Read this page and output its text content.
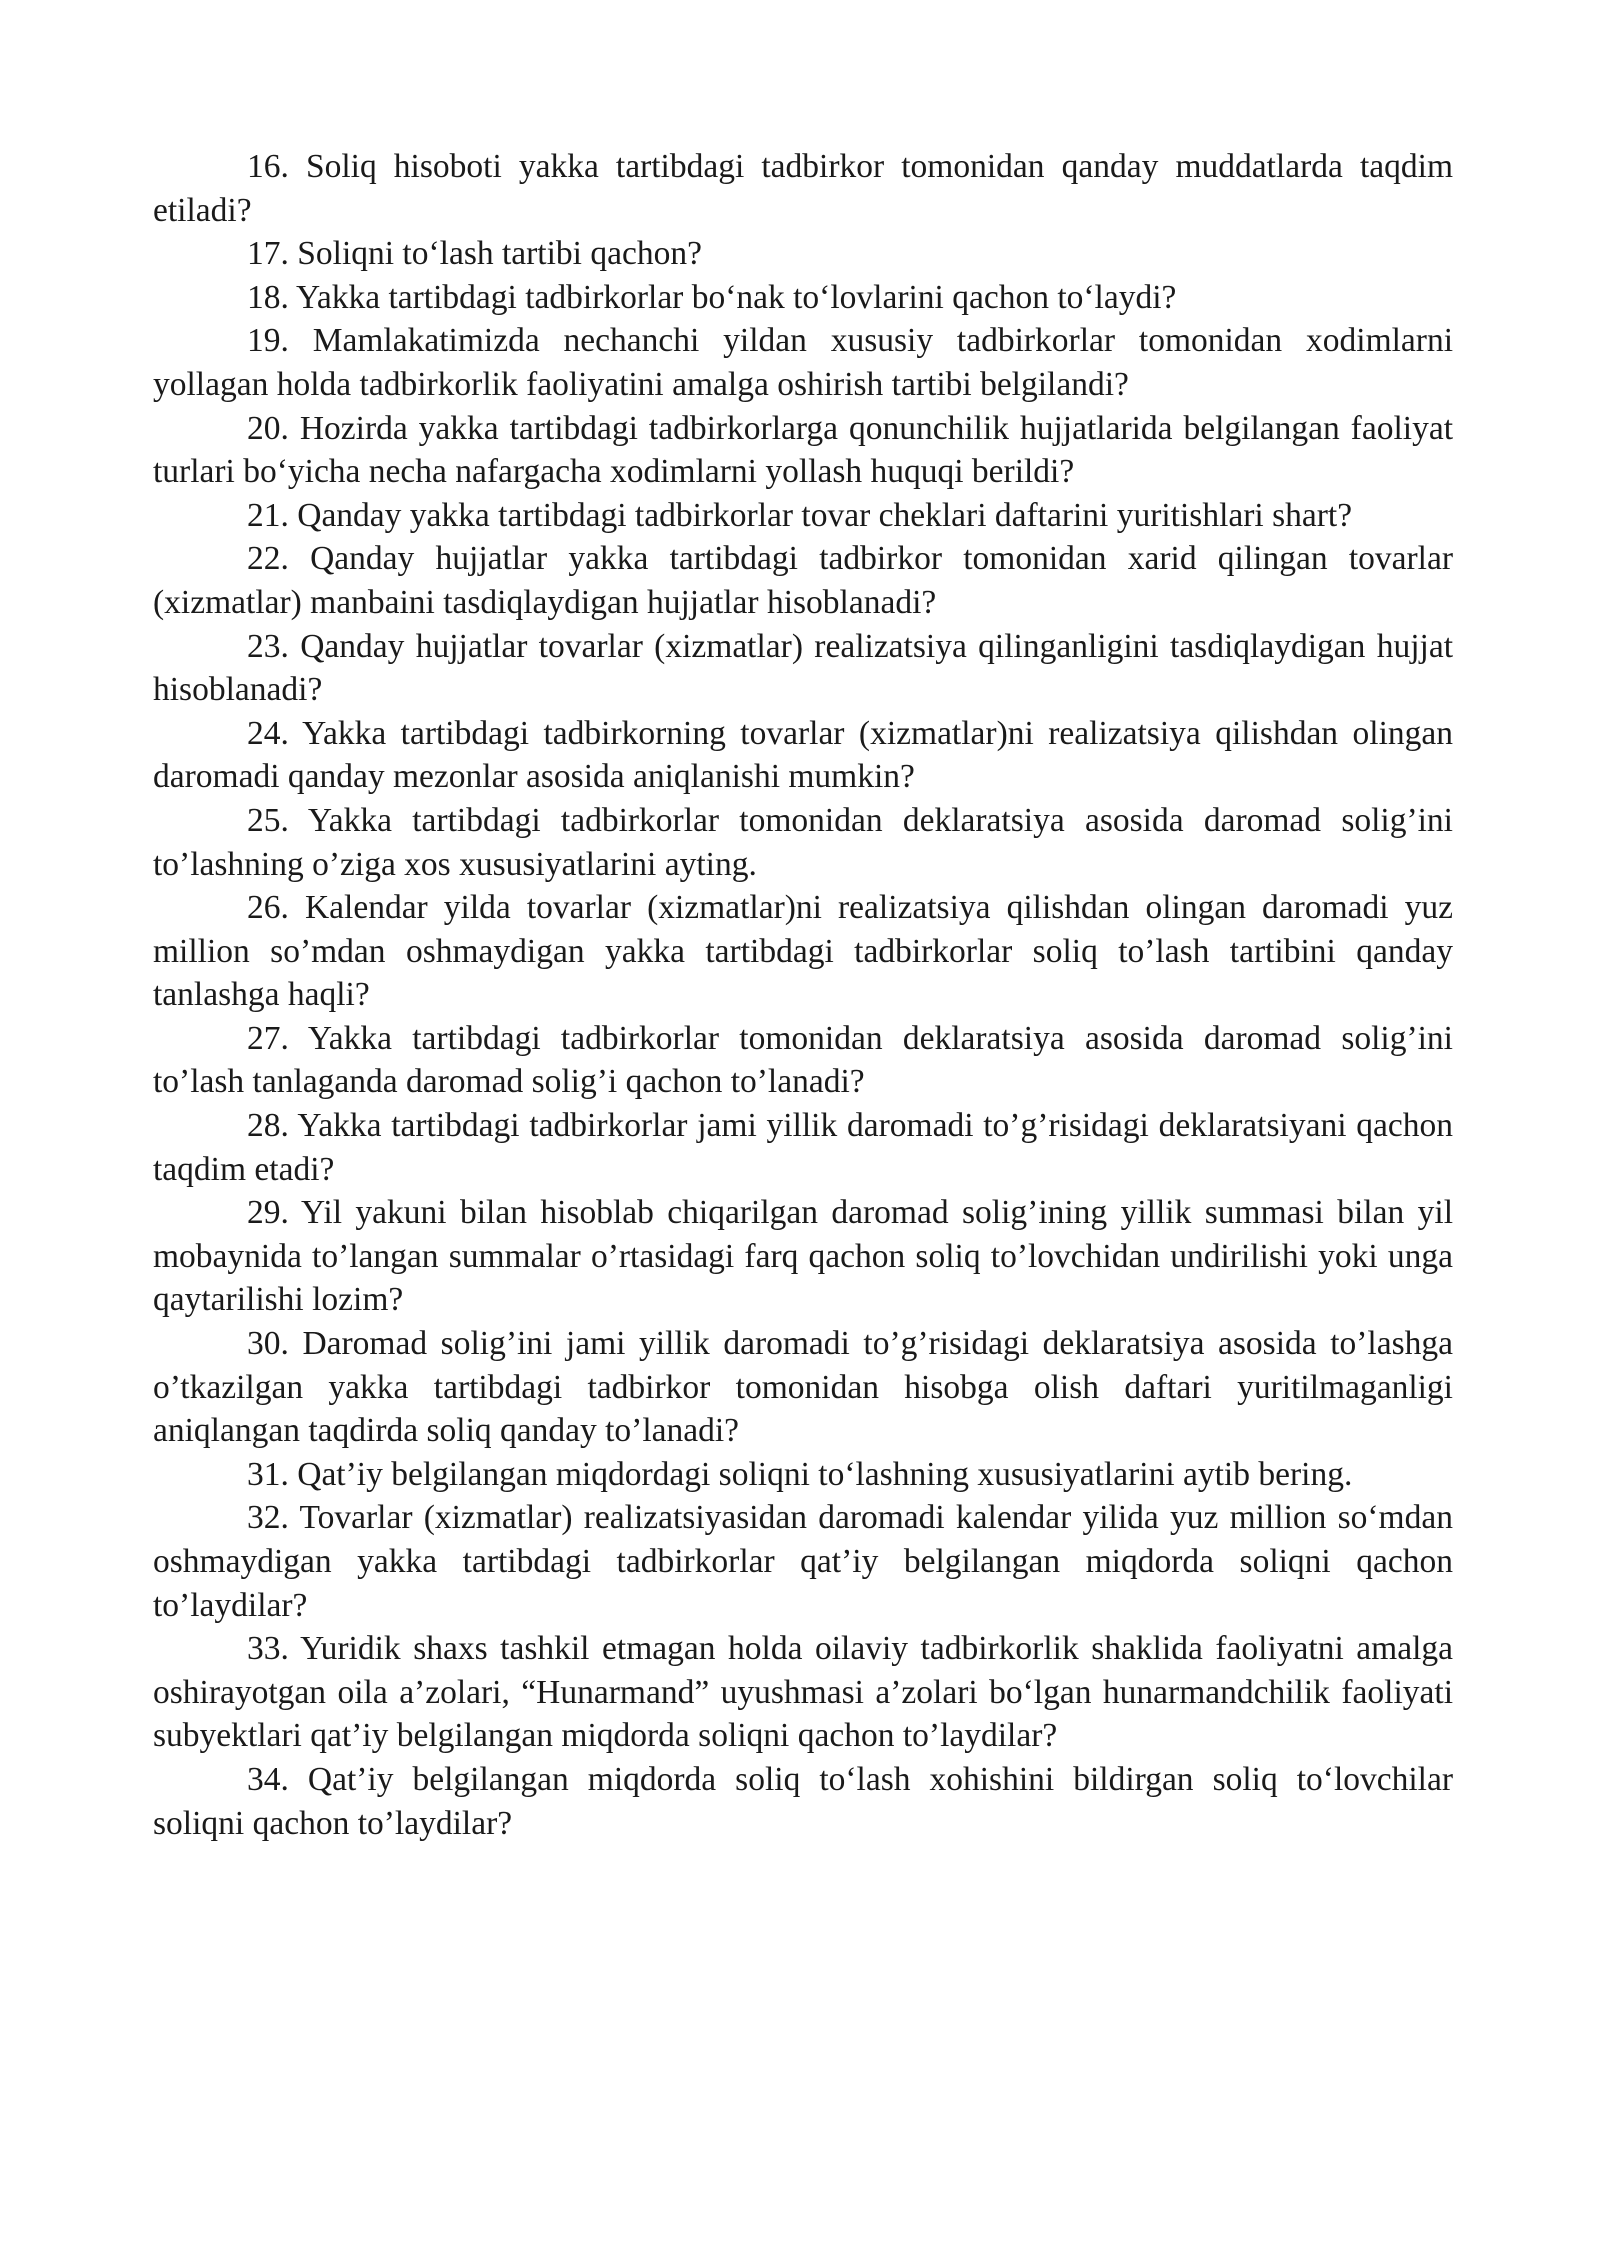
16. Soliq hisoboti yakka tartibdagi tadbirkor tomonidan qanday muddatlarda taqdim etiladi?

17. Soliqni to‘lash tartibi qachon?

18. Yakka tartibdagi tadbirkorlar bo‘nak to‘lovlarini qachon to‘laydi?

19. Mamlakatimizda nechanchi yildan xususiy tadbirkorlar tomonidan xodimlarni yollagan holda tadbirkorlik faoliyatini amalga oshirish tartibi belgilandi?

20. Hozirda yakka tartibdagi tadbirkorlarga qonunchilik hujjatlarida belgilangan faoliyat turlari bo‘yicha necha nafargacha xodimlarni yollash huquqi berildi?

21. Qanday yakka tartibdagi tadbirkorlar tovar cheklari daftarini yuritishlari shart?

22. Qanday hujjatlar yakka tartibdagi tadbirkor tomonidan xarid qilingan tovarlar (xizmatlar) manbaini tasdiqlaydigan hujjatlar hisoblanadi?

23. Qanday hujjatlar tovarlar (xizmatlar) realizatsiya qilinganligini tasdiqlaydigan hujjat hisoblanadi?

24. Yakka tartibdagi tadbirkorning tovarlar (xizmatlar)ni realizatsiya qilishdan olingan daromadi qanday mezonlar asosida aniqlanishi mumkin?

25. Yakka tartibdagi tadbirkorlar tomonidan deklaratsiya asosida daromad solig’ini to’lashning o’ziga xos xususiyatlarini ayting.

26. Kalendar yilda tovarlar (xizmatlar)ni realizatsiya qilishdan olingan daromadi yuz million so’mdan oshmaydigan yakka tartibdagi tadbirkorlar soliq to’lash tartibini qanday tanlashga haqli?

27. Yakka tartibdagi tadbirkorlar tomonidan deklaratsiya asosida daromad solig’ini to’lash tanlaganda daromad solig’i qachon to’lanadi?

28. Yakka tartibdagi tadbirkorlar jami yillik daromadi to’g’risidagi deklaratsiyani qachon taqdim etadi?

29. Yil yakuni bilan hisoblab chiqarilgan daromad solig’ining yillik summasi bilan yil mobaynida to’langan summalar o’rtasidagi farq qachon soliq to’lovchidan undirilishi yoki unga qaytarilishi lozim?

30. Daromad solig’ini jami yillik daromadi to’g’risidagi deklaratsiya asosida to’lashga o’tkazilgan yakka tartibdagi tadbirkor tomonidan hisobga olish daftari yuritilmaganligi aniqlangan taqdirda soliq qanday to’lanadi?

31. Qat’iy belgilangan miqdordagi soliqni to‘lashning xususiyatlarini aytib bering.

32. Tovarlar (xizmatlar) realizatsiyasidan daromadi kalendar yilida yuz million so‘mdan oshmaydigan yakka tartibdagi tadbirkorlar qat’iy belgilangan miqdorda soliqni qachon to’laydilar?

33. Yuridik shaxs tashkil etmagan holda oilaviy tadbirkorlik shaklida faoliyatni amalga oshirayotgan oila a’zolari, “Hunarmand” uyushmasi a’zolari bo‘lgan hunarmandchilik faoliyati subyektlari qat’iy belgilangan miqdorda soliqni qachon to’laydilar?

34. Qat’iy belgilangan miqdorda soliq to‘lash xohishini bildirgan soliq to‘lovchilar soliqni qachon to’laydilar?
